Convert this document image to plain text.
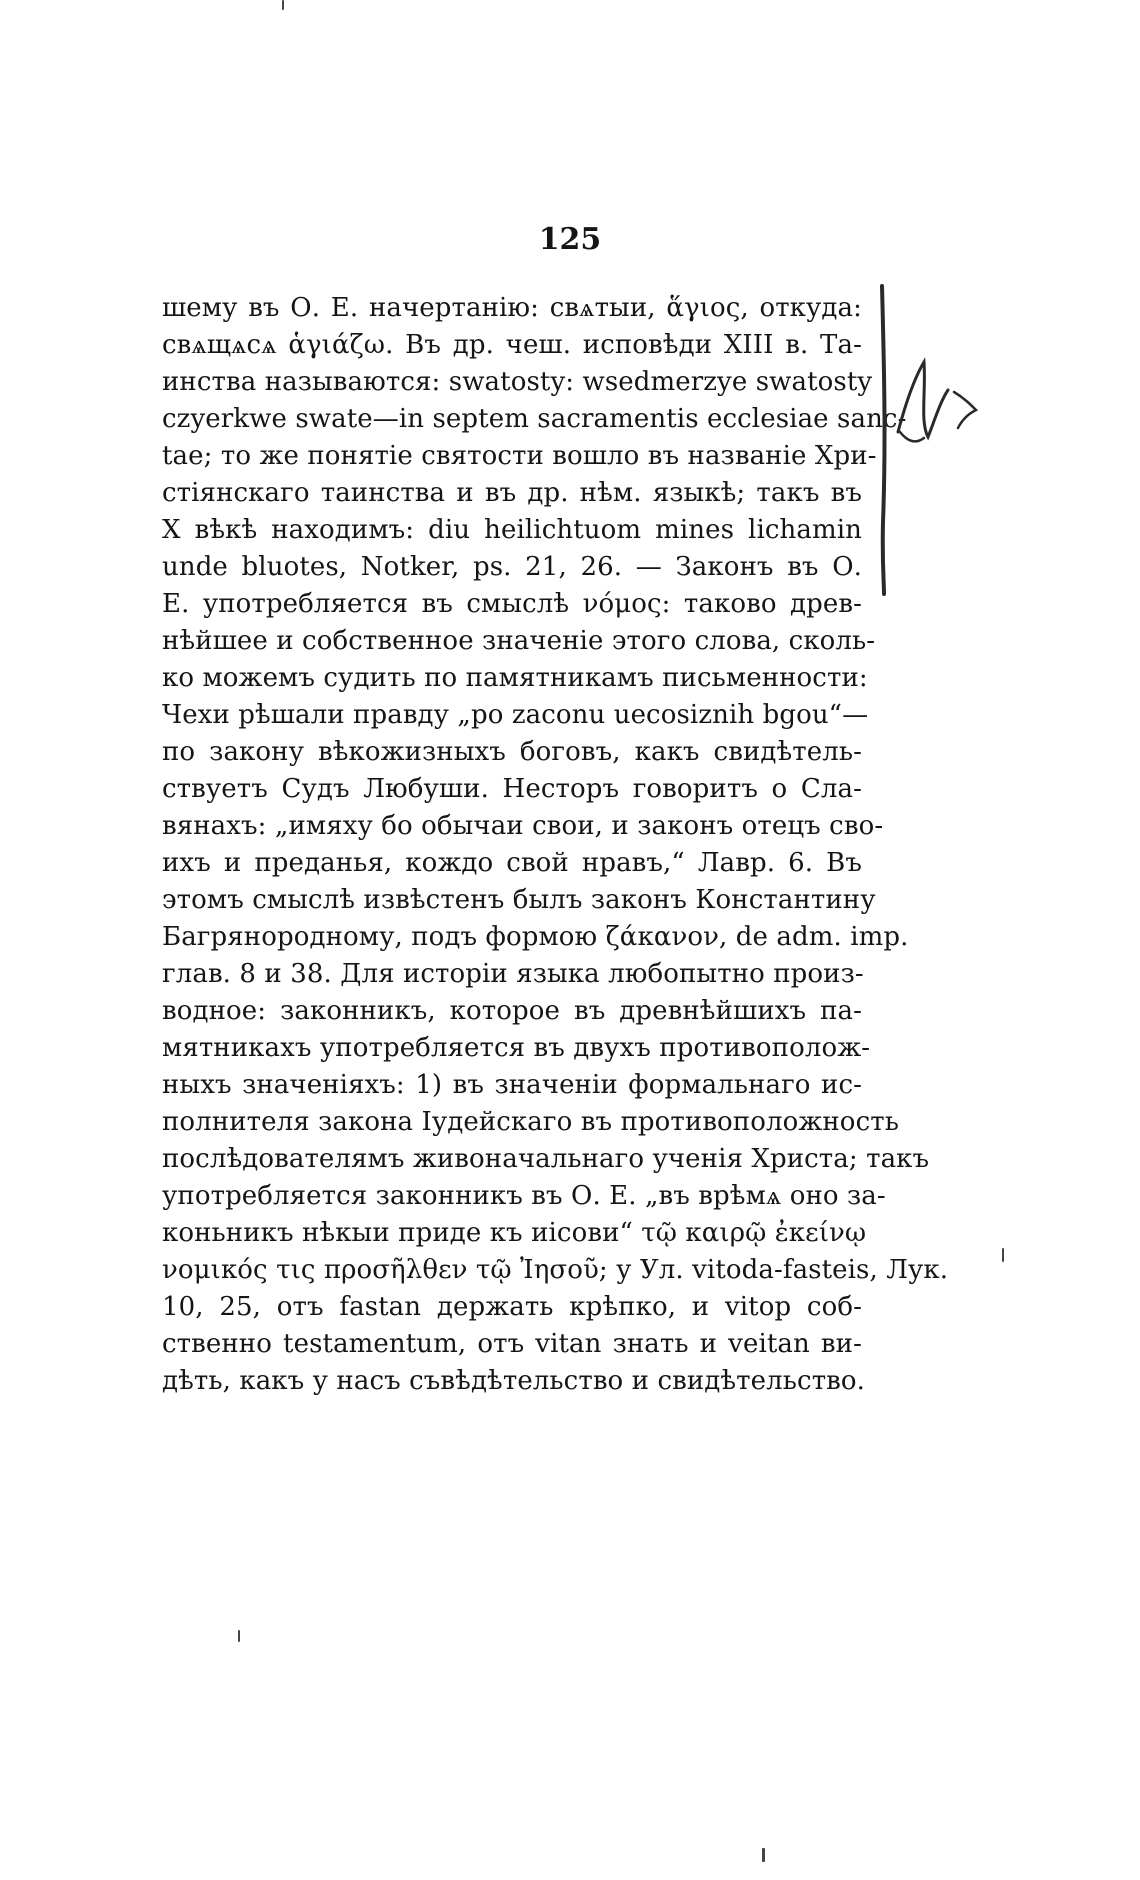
125
шему въ О. Е. начертанію: свѧтыи, ἅγιος, откуда:
свѧщѧсѧ ἁγιάζω. Въ др. чеш. исповѣди XIII в. Та-
инства называются: swatosty: wsedmerzye swatosty
czyerkwe swate—in septem sacramentis ecclesiae sanc-
tae; то же понятіе святости вошло въ названіе Хри-
стіянскаго таинства и въ др. нѣм. языкѣ; такъ въ
X вѣкѣ находимъ: diu heilichtuom mines lichamin
unde bluotes, Notker, ps. 21, 26. — Законъ въ О.
Е. употребляется въ смыслѣ νόμος: таково древ-
нѣйшее и собственное значеніе этого слова, сколь-
ко можемъ судить по памятникамъ письменности:
Чехи рѣшали правду „po zaconu uecosiznih bgou“—
по закону вѣкожизныхъ боговъ, какъ свидѣтель-
ствуетъ Судъ Любуши. Несторъ говоритъ о Сла-
вянахъ: „имяху бо обычаи свои, и законъ отецъ сво-
ихъ и преданья, кождо свой нравъ,“ Лавр. 6. Въ
этомъ смыслѣ извѣстенъ былъ законъ Константину
Багрянородному, подъ формою ζάκανον, de adm. imp.
глав. 8 и 38. Для исторіи языка любопытно произ-
водное: законникъ, которое въ древнѣйшихъ па-
мятникахъ употребляется въ двухъ противополож-
ныхъ значеніяхъ: 1) въ значеніи формальнаго ис-
полнителя закона Іудейскаго въ противоположность
послѣдователямъ живоначальнаго ученія Христа; такъ
употребляется законникъ въ О. Е. „въ врѣмѧ оно за-
коньникъ нѣкыи приде къ иісови“ τῷ καιρῷ ἐκείνῳ
νομικός τις προσῆλθεν τῷ Ἰησοῦ; у Ул. vitoda-fasteis, Лук.
10, 25, отъ fastan держать крѣпко, и vitop соб-
ственно testamentum, отъ vitan знать и veitan ви-
дѣть, какъ у насъ съвѣдѣтельство и свидѣтельство.
